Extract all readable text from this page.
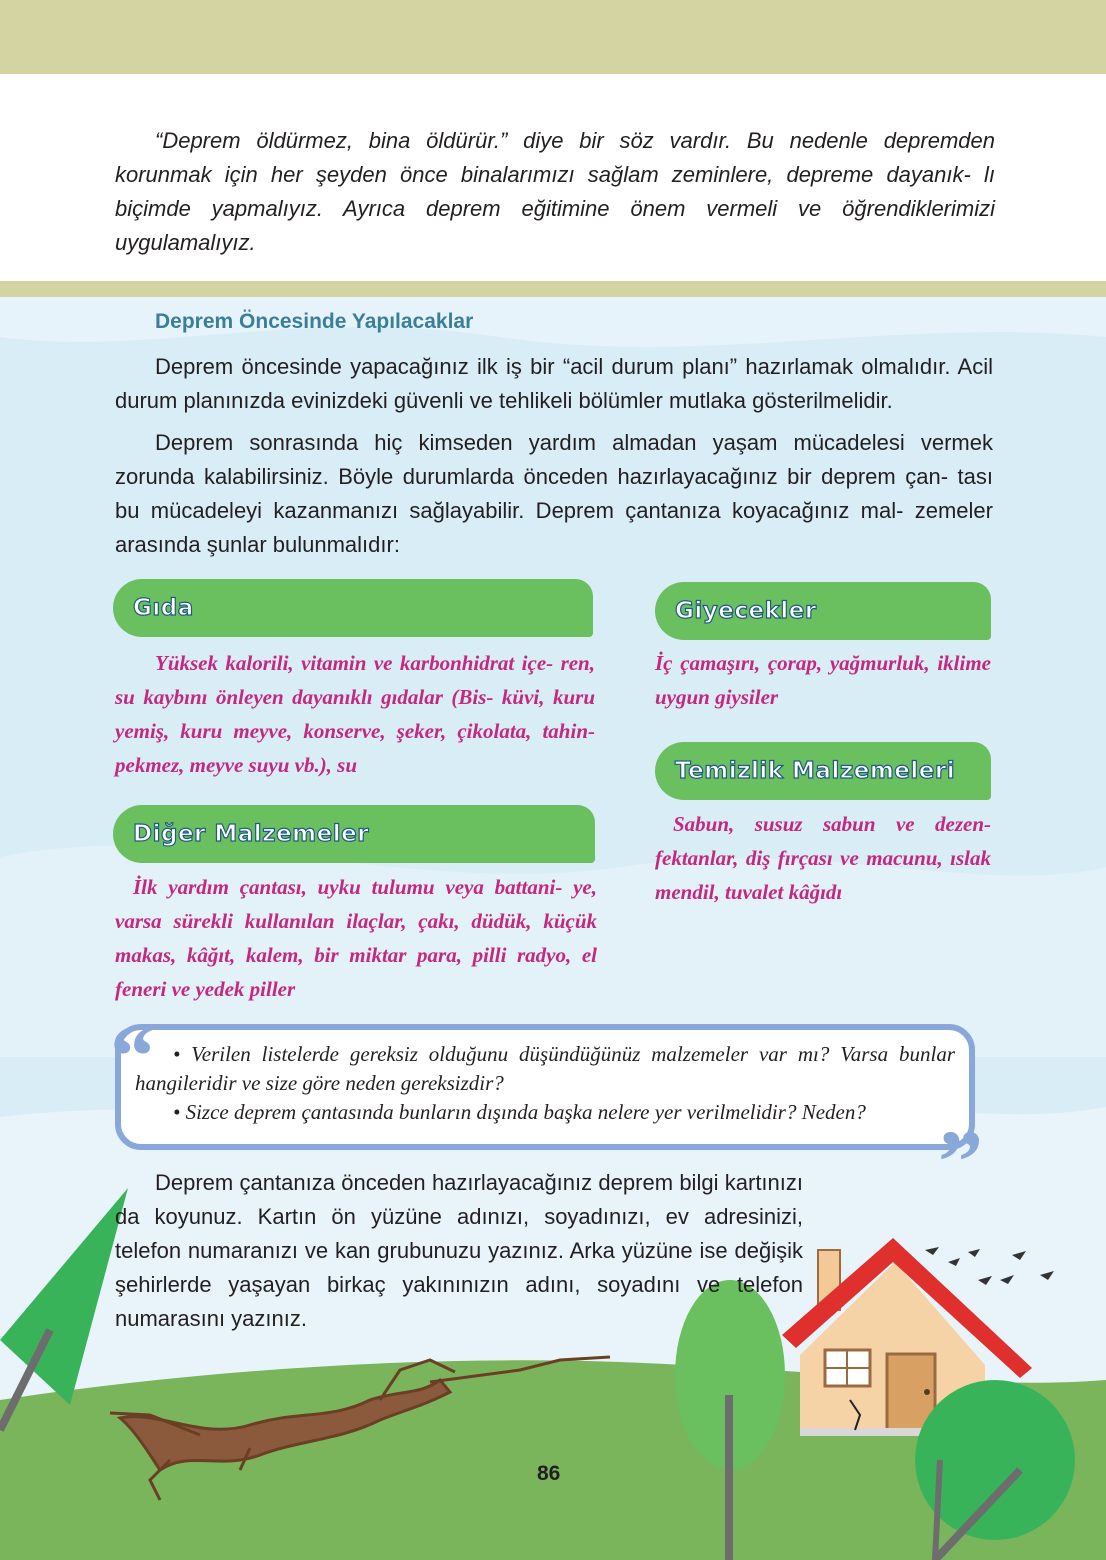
“Deprem öldürmez, bina öldürür.” diye bir söz vardır. Bu nedenle depremden korunmak için her şeyden önce binalarımızı sağlam zeminlere, depreme dayanık- lı biçimde yapmalıyız. Ayrıca deprem eğitimine önem vermeli ve öğrendiklerimizi uygulamalıyız.

Deprem Öncesinde Yapılacaklar

Deprem öncesinde yapacağınız ilk iş bir “acil durum planı” hazırlamak olmalıdır. Acil durum planınızda evinizdeki güvenli ve tehlikeli bölümler mutlaka gösterilmelidir.

Deprem sonrasında hiç kimseden yardım almadan yaşam mücadelesi vermek zorunda kalabilirsiniz. Böyle durumlarda önceden hazırlayacağınız bir deprem çan- tası bu mücadeleyi kazanmanızı sağlayabilir. Deprem çantanıza koyacağınız mal- zemeler arasında şunlar bulunmalıdır:

Gıda

Yüksek kalorili, vitamin ve karbonhidrat içe- ren, su kaybını önleyen dayanıklı gıdalar (Bis- küvi, kuru yemiş, kuru meyve, konserve, şeker, çikolata, tahin-pekmez, meyve suyu vb.), su

Giyecekler

İç çamaşırı, çorap, yağmurluk, iklime uygun giysiler

Temizlik Malzemeleri

Sabun, susuz sabun ve dezen- fektanlar, diş fırçası ve macunu, ıslak mendil, tuvalet kâğıdı

Diğer Malzemeler

İlk yardım çantası, uyku tulumu veya battani- ye, varsa sürekli kullanılan ilaçlar, çakı, düdük, küçük makas, kâğıt, kalem, bir miktar para, pilli radyo, el feneri ve yedek piller

“
”
• Verilen listelerde gereksiz olduğunu düşündüğünüz malzemeler var mı? Varsa bunlar hangileridir ve size göre neden gereksizdir?
• Sizce deprem çantasında bunların dışında başka nelere yer verilmelidir? Neden?

Deprem çantanıza önceden hazırlayacağınız deprem bilgi kartınızı da koyunuz. Kartın ön yüzüne adınızı, soyadınızı, ev adresinizi, telefon numaranızı ve kan grubunuzu yazınız. Arka yüzüne ise değişik şehirlerde yaşayan birkaç yakınınızın adını, soyadını ve telefon numarasını yazınız.

86
